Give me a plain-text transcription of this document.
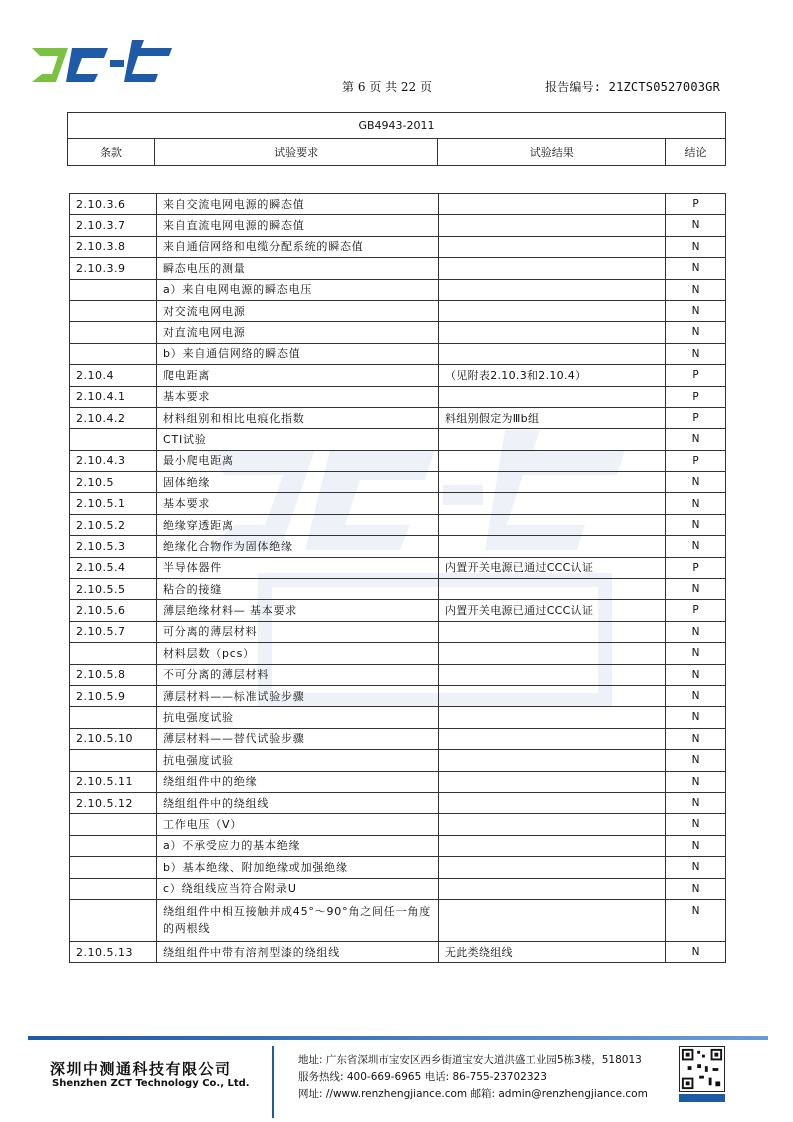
第 6 页 共 22 页	报告编号: 21ZCTS0527003GR
GB4943-2011
条款	试验要求	试验结果	结论
2.10.3.6	来自交流电网电源的瞬态值		P
2.10.3.7	来自直流电网电源的瞬态值		N
2.10.3.8	来自通信网络和电缆分配系统的瞬态值		N
2.10.3.9	瞬态电压的测量		N
	a）来自电网电源的瞬态电压		N
	对交流电网电源		N
	对直流电网电源		N
	b）来自通信网络的瞬态值		N
2.10.4	爬电距离	（见附表2.10.3和2.10.4）	P
2.10.4.1	基本要求		P
2.10.4.2	材料组别和相比电痕化指数	料组别假定为Ⅲb组	P
	CTI试验		N
2.10.4.3	最小爬电距离		P
2.10.5	固体绝缘		N
2.10.5.1	基本要求		N
2.10.5.2	绝缘穿透距离		N
2.10.5.3	绝缘化合物作为固体绝缘		N
2.10.5.4	半导体器件	内置开关电源已通过CCC认证	P
2.10.5.5	粘合的接缝		N
2.10.5.6	薄层绝缘材料— 基本要求	内置开关电源已通过CCC认证	P
2.10.5.7	可分离的薄层材料		N
	材料层数（pcs）		N
2.10.5.8	不可分离的薄层材料		N
2.10.5.9	薄层材料——标准试验步骤		N
	抗电强度试验		N
2.10.5.10	薄层材料——替代试验步骤		N
	抗电强度试验		N
2.10.5.11	绕组组件中的绝缘		N
2.10.5.12	绕组组件中的绕组线		N
	工作电压（V）		N
	a）不承受应力的基本绝缘		N
	b）基本绝缘、附加绝缘或加强绝缘		N
	c）绕组线应当符合附录U		N
	绕组组件中相互接触并成45°～90°角之间任一角度的两根线		N
2.10.5.13	绕组组件中带有溶剂型漆的绕组线	无此类绕组线	N
深圳中测通科技有限公司
Shenzhen ZCT Technology Co., Ltd.
地址: 广东省深圳市宝安区西乡街道宝安大道洪盛工业园5栋3楼，518013
服务热线: 400-669-6965 电话: 86-755-23702323
网址: //www.renzhengjiance.com 邮箱: admin@renzhengjiance.com
